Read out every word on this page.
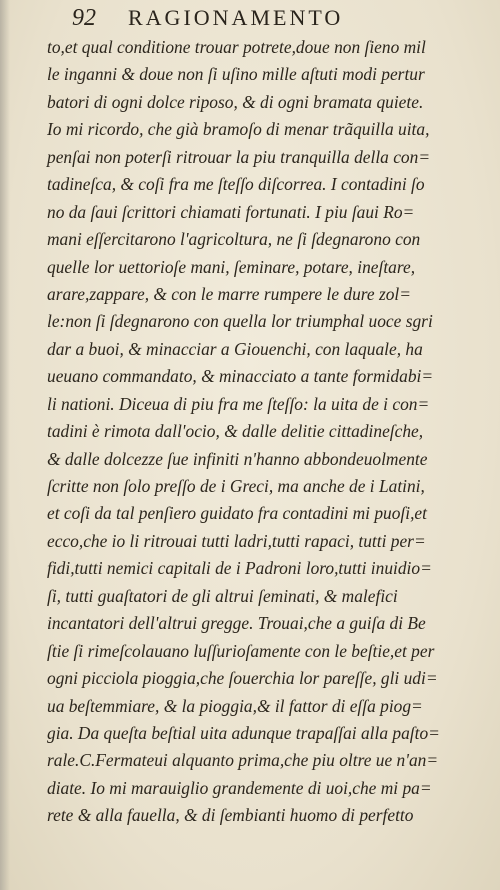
92 RAGIONAMENTO
to,et qual conditione trouar potrete,doue non ſieno mil
le inganni & doue non ſi uſino mille aſtuti modi pertur
batori di ogni dolce riposo, & di ogni bramata quiete.
Io mi ricordo, che già bramoſo di menar trãquilla uita,
penſai non poterſi ritrouar la piu tranquilla della con=
tadineſca, & coſi fra me ſteſſo diſcorrea. I contadini ſo
no da ſaui ſcrittori chiamati fortunati. I piu ſaui Ro=
mani eſſercitarono l'agricoltura, ne ſi ſdegnarono con
quelle lor uettorioſe mani, ſeminare, potare, ineſtare,
arare,zappare, & con le marre rumpere le dure zol=
le:non ſi ſdegnarono con quella lor triumphal uoce sgri
dar a buoi, & minacciar a Giouenchi, con laquale, ha
ueuano commandato, & minacciato a tante formidabi=
li nationi. Diceua di piu fra me ſteſſo: la uita de i con=
tadini è rimota dall'ocio, & dalle delitie cittadineſche,
& dalle dolcezze ſue infiniti n'hanno abbondeuolmente
ſcritte non ſolo preſſo de i Greci, ma anche de i Latini,
et coſi da tal penſiero guidato fra contadini mi puoſi,et
ecco,che io li ritrouai tutti ladri,tutti rapaci, tutti per=
fidi,tutti nemici capitali de i Padroni loro,tutti inuidio=
ſi, tutti guaſtatori de gli altrui ſeminati, & malefici
incantatori dell'altrui gregge. Trouai,che a guiſa di Be
ſtie ſi rimeſcolauano luſſurioſamente con le beſtie,et per
ogni picciola pioggia,che ſouerchia lor pareſſe, gli udi=
ua beſtemmiare, & la pioggia,& il fattor di eſſa piog=
gia. Da queſta beſtial uita adunque trapaſſai alla paſto=
rale.C.Fermateui alquanto prima,che piu oltre ue n'an=
diate. Io mi marauiglio grandemente di uoi,che mi pa=
rete & alla fauella, & di ſembianti huomo di perfetto
